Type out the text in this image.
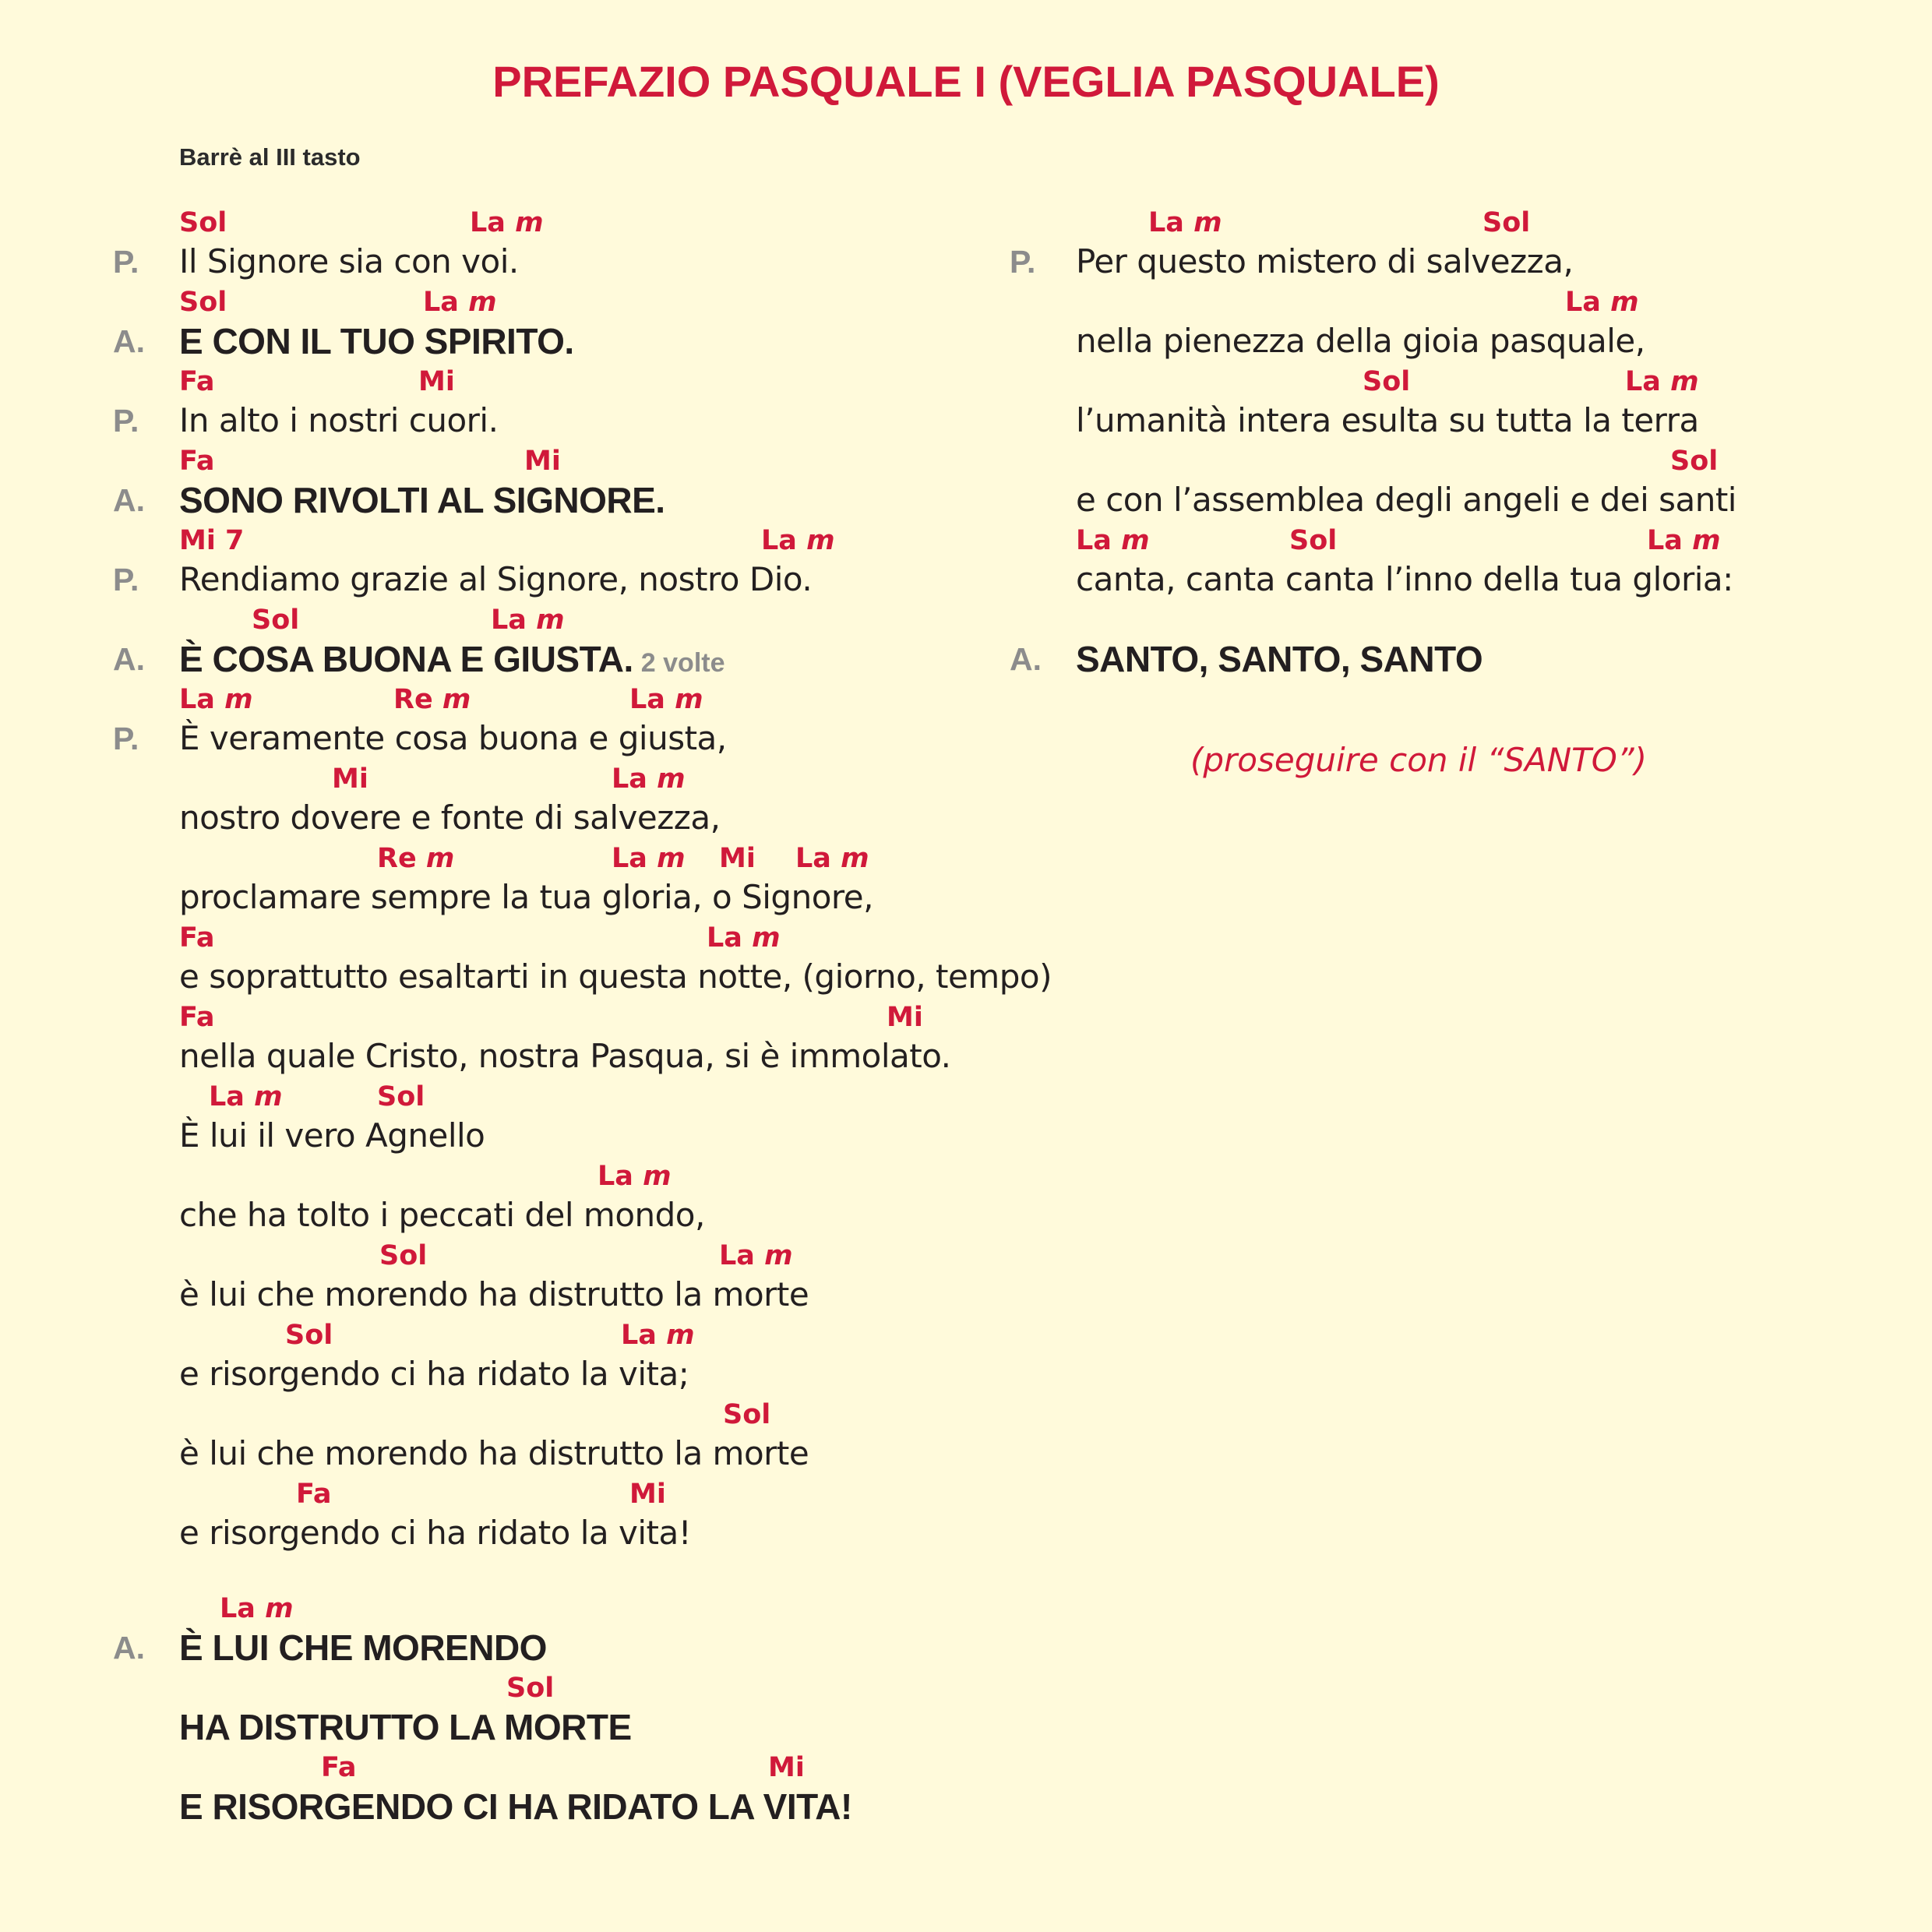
PREFAZIO PASQUALE I (VEGLIA PASQUALE)
Barrè al III tasto
Sol	La m
P. Il Signore sia con voi.
Sol	La m
A. E CON IL TUO SPIRITO.
Fa	Mi
P. In alto i nostri cuori.
Fa	Mi
A. SONO RIVOLTI AL SIGNORE.
Mi 7	La m
P. Rendiamo grazie al Signore, nostro Dio.
Sol	La m
A. È COSA BUONA E GIUSTA. 2 volte
La m	Re m	La m
P. È veramente cosa buona e giusta,
Mi	La m
nostro dovere e fonte di salvezza,
Re m	La m Mi La m
proclamare sempre la tua gloria, o Signore,
Fa	La m
e soprattutto esaltarti in questa notte, (giorno, tempo)
Fa	Mi
nella quale Cristo, nostra Pasqua, si è immolato.
La m	Sol
È lui il vero Agnello
La m
che ha tolto i peccati del mondo,
Sol	La m
è lui che morendo ha distrutto la morte
Sol	La m
e risorgendo ci ha ridato la vita;
Sol
è lui che morendo ha distrutto la morte
Fa	Mi
e risorgendo ci ha ridato la vita!
La m
A. È LUI CHE MORENDO
Sol
HA DISTRUTTO LA MORTE
Fa	Mi
E RISORGENDO CI HA RIDATO LA VITA!
La m	Sol
P. Per questo mistero di salvezza,
La m
nella pienezza della gioia pasquale,
Sol	La m
l’umanità intera esulta su tutta la terra
Sol
e con l’assemblea degli angeli e dei santi
La m	Sol	La m
canta, canta canta l’inno della tua gloria:
A. SANTO, SANTO, SANTO
(proseguire con il “SANTO”)
